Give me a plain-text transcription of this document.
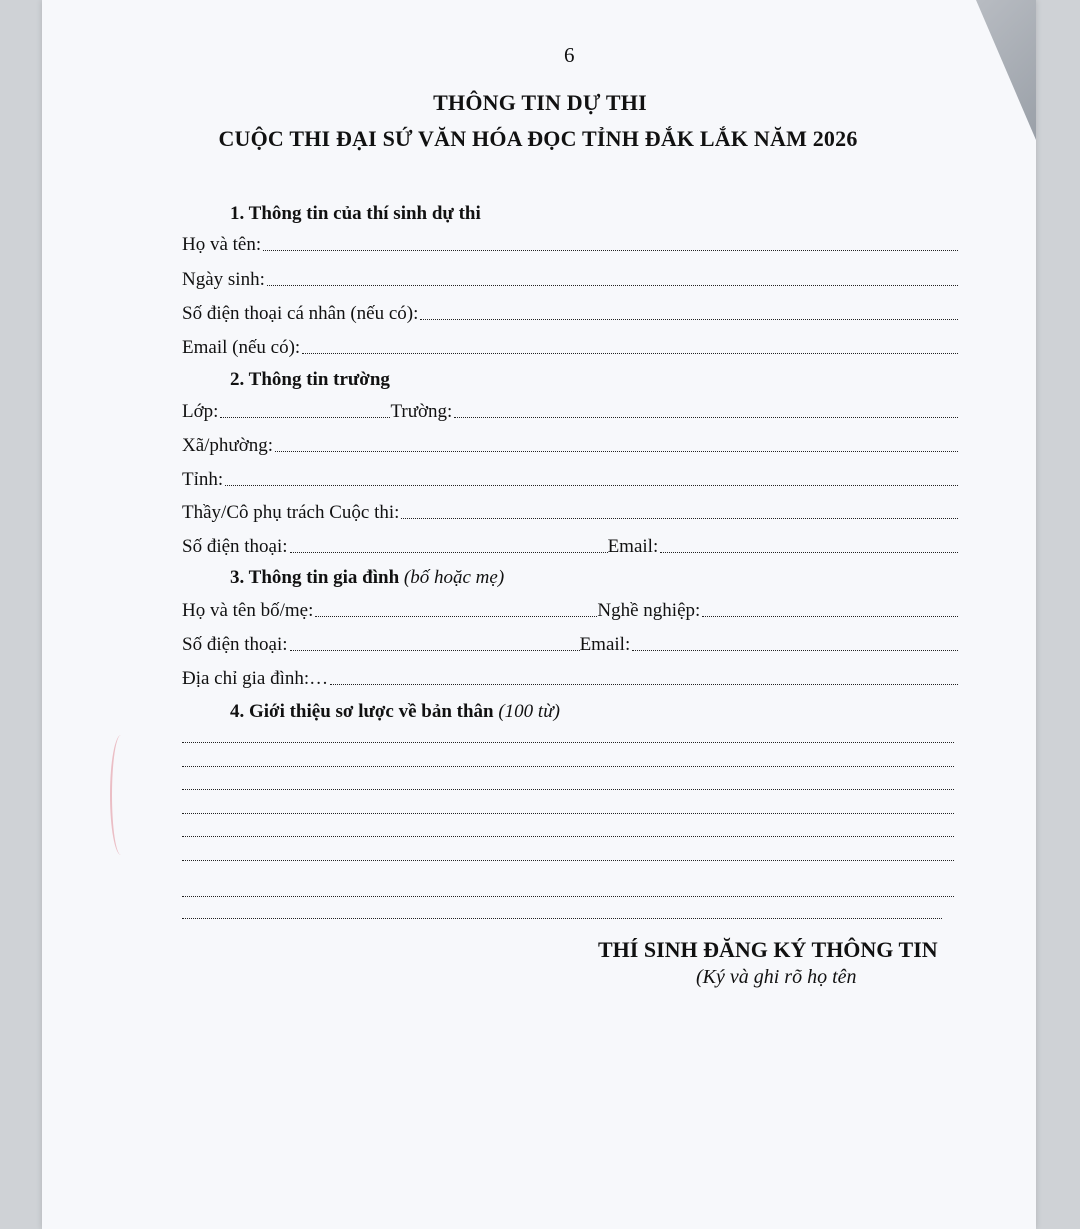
6
THÔNG TIN DỰ THI
CUỘC THI ĐẠI SỨ VĂN HÓA ĐỌC TỈNH ĐẮK LẮK NĂM 2026
1. Thông tin của thí sinh dự thi
Họ và tên:
Ngày sinh:
Số điện thoại cá nhân (nếu có):
Email (nếu có):
2. Thông tin trường
Lớp:	Trường:
Xã/phường:
Tỉnh:
Thầy/Cô phụ trách Cuộc thi:
Số điện thoại:	Email:
3. Thông tin gia đình (bố hoặc mẹ)
Họ và tên bố/mẹ:	Nghề nghiệp:
Số điện thoại:	Email:
Địa chỉ gia đình:…
4. Giới thiệu sơ lược về bản thân (100 từ)
THÍ SINH ĐĂNG KÝ THÔNG TIN
(Ký và ghi rõ họ tên
